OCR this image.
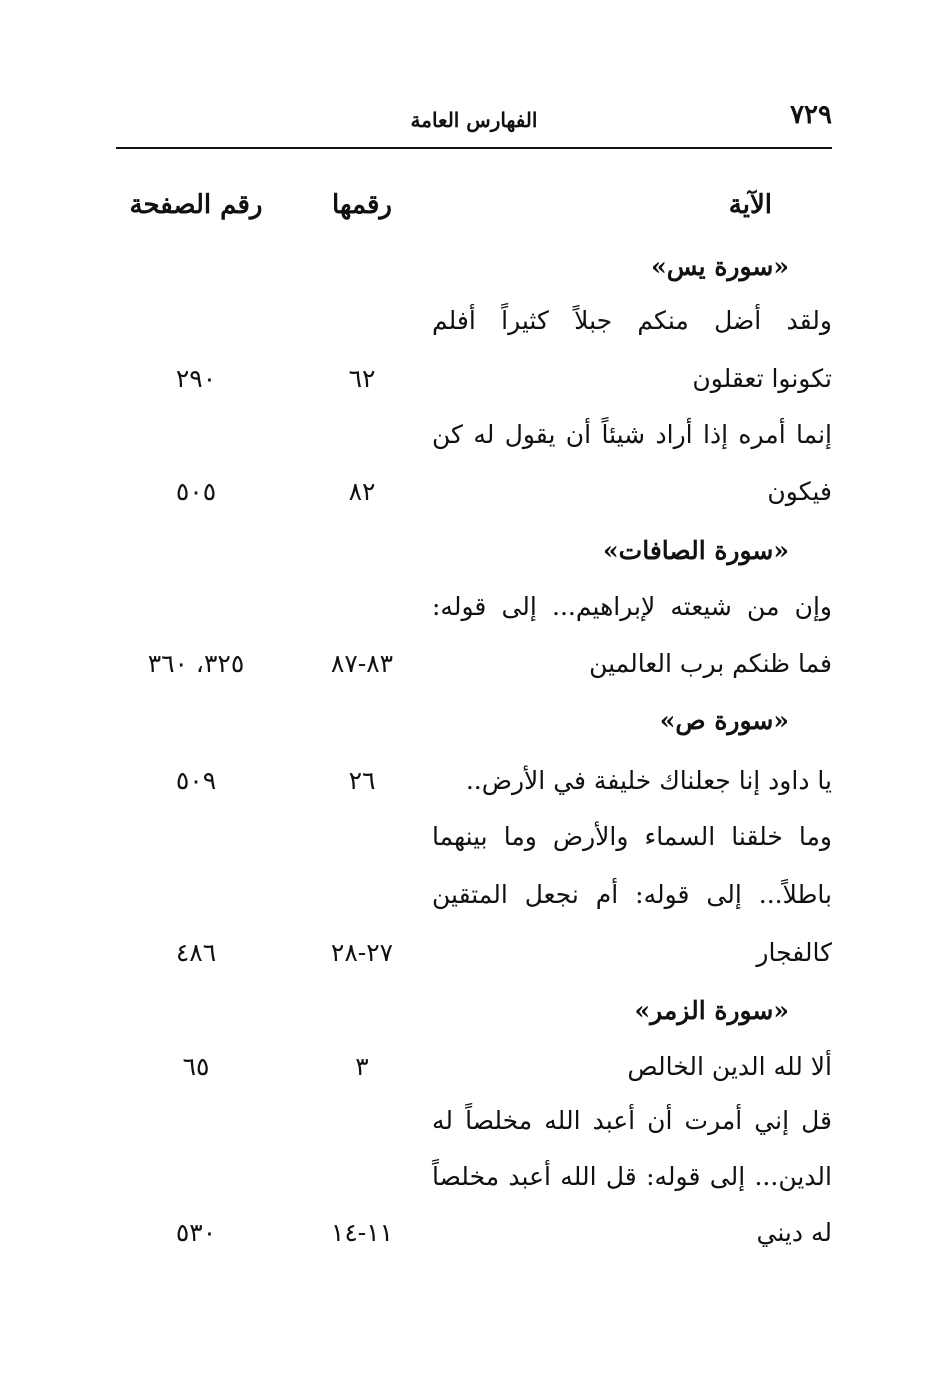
٧٢٩
الفهارس العامة
الآية
رقمها
رقم الصفحة
«سورة يس»
ولقد أضل منكم جبلاً كثيراً أفلم
تكونوا تعقلون
٦٢
٢٩٠
إنما أمره إذا أراد شيئاً أن يقول له كن
فيكون
٨٢
٥٠٥
«سورة الصافات»
وإن من شيعته لإبراهيم... إلى قوله:
فما ظنكم برب العالمين
٨٣-٨٧
٣٢٥، ٣٦٠
«سورة ص»
يا داود إنا جعلناك خليفة في الأرض..
٢٦
٥٠٩
وما خلقنا السماء والأرض وما بينهما
باطلاً... إلى قوله: أم نجعل المتقين
كالفجار
٢٧-٢٨
٤٨٦
«سورة الزمر»
ألا لله الدين الخالص
٣
٦٥
قل إني أمرت أن أعبد الله مخلصاً له
الدين... إلى قوله: قل الله أعبد مخلصاً
له ديني
١١-١٤
٥٣٠
